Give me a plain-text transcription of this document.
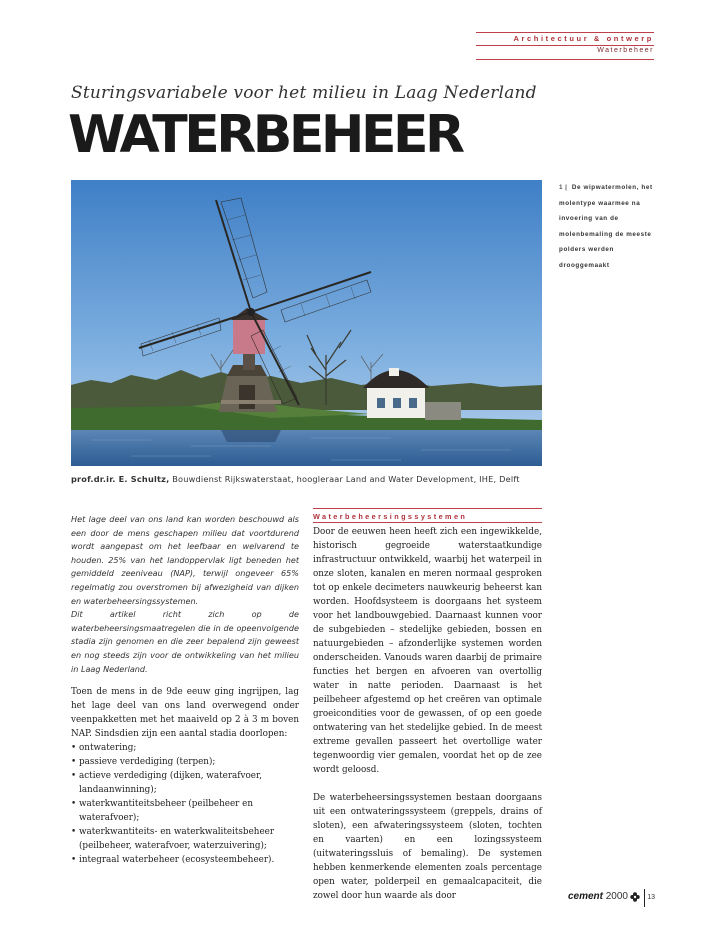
Architectuur & ontwerp
Waterbeheer
Sturingsvariabele voor het milieu in Laag Nederland
WATERBEHEER
1 | De wipwatermolen, het molentype waarmee na invoering van de molenbemaling de meeste polders werden drooggemaakt
prof.dr.ir. E. Schultz, Bouwdienst Rijkswaterstaat, hoogleraar Land and Water Development, IHE, Delft

Het lage deel van ons land kan worden beschouwd als een door de mens geschapen milieu dat voortdurend wordt aangepast om het leefbaar en welvarend te houden. 25% van het landoppervlak ligt beneden het gemiddeld zeeniveau (NAP), terwijl ongeveer 65% regelmatig zou overstromen bij afwezigheid van dijken en waterbeheersingssystemen.

Dit artikel richt zich op de waterbeheersingsmaatregelen die in de opeenvolgende stadia zijn genomen en die zeer bepalend zijn geweest en nog steeds zijn voor de ontwikkeling van het milieu in Laag Nederland.

Toen de mens in de 9de eeuw ging ingrijpen, lag het lage deel van ons land overwegend onder veenpakketten met het maaiveld op 2 à 3 m boven NAP. Sindsdien zijn een aantal stadia doorlopen:

• ontwatering;
• passieve verdediging (terpen);
• actieve verdediging (dijken, waterafvoer, landaanwinning);
• waterkwantiteitsbeheer (peilbeheer en waterafvoer);
• waterkwantiteits- en waterkwaliteitsbeheer (peilbeheer, waterafvoer, waterzuivering);
• integraal waterbeheer (ecosysteembeheer).
Waterbeheersingssystemen

Door de eeuwen heen heeft zich een ingewikkelde, historisch gegroeide waterstaatkundige infrastructuur ontwikkeld, waarbij het waterpeil in onze sloten, kanalen en meren normaal gesproken tot op enkele decimeters nauwkeurig beheerst kan worden. Hoofdsysteem is doorgaans het systeem voor het landbouwgebied. Daarnaast kunnen voor de subgebieden – stedelijke gebieden, bossen en natuurgebieden – afzonderlijke systemen worden onderscheiden. Vanouds waren daarbij de primaire functies het bergen en afvoeren van overtollig water in natte perioden. Daarnaast is het peilbeheer afgestemd op het creëren van optimale groeicondities voor de gewassen, of op een goede ontwatering van het stedelijke gebied. In de meest extreme gevallen passeert het overtollige water tegenwoordig vier gemalen, voordat het op de zee wordt geloosd.

De waterbeheersingssystemen bestaan doorgaans uit een ontwateringssysteem (greppels, drains of sloten), een afwateringssysteem (sloten, tochten en vaarten) en een lozingssysteem (uitwateringssluis of bemaling). De systemen hebben kenmerkende elementen zoals percentage open water, polderpeil en gemaalcapaciteit, die zowel door hun waarde als door	cement 2000	13
